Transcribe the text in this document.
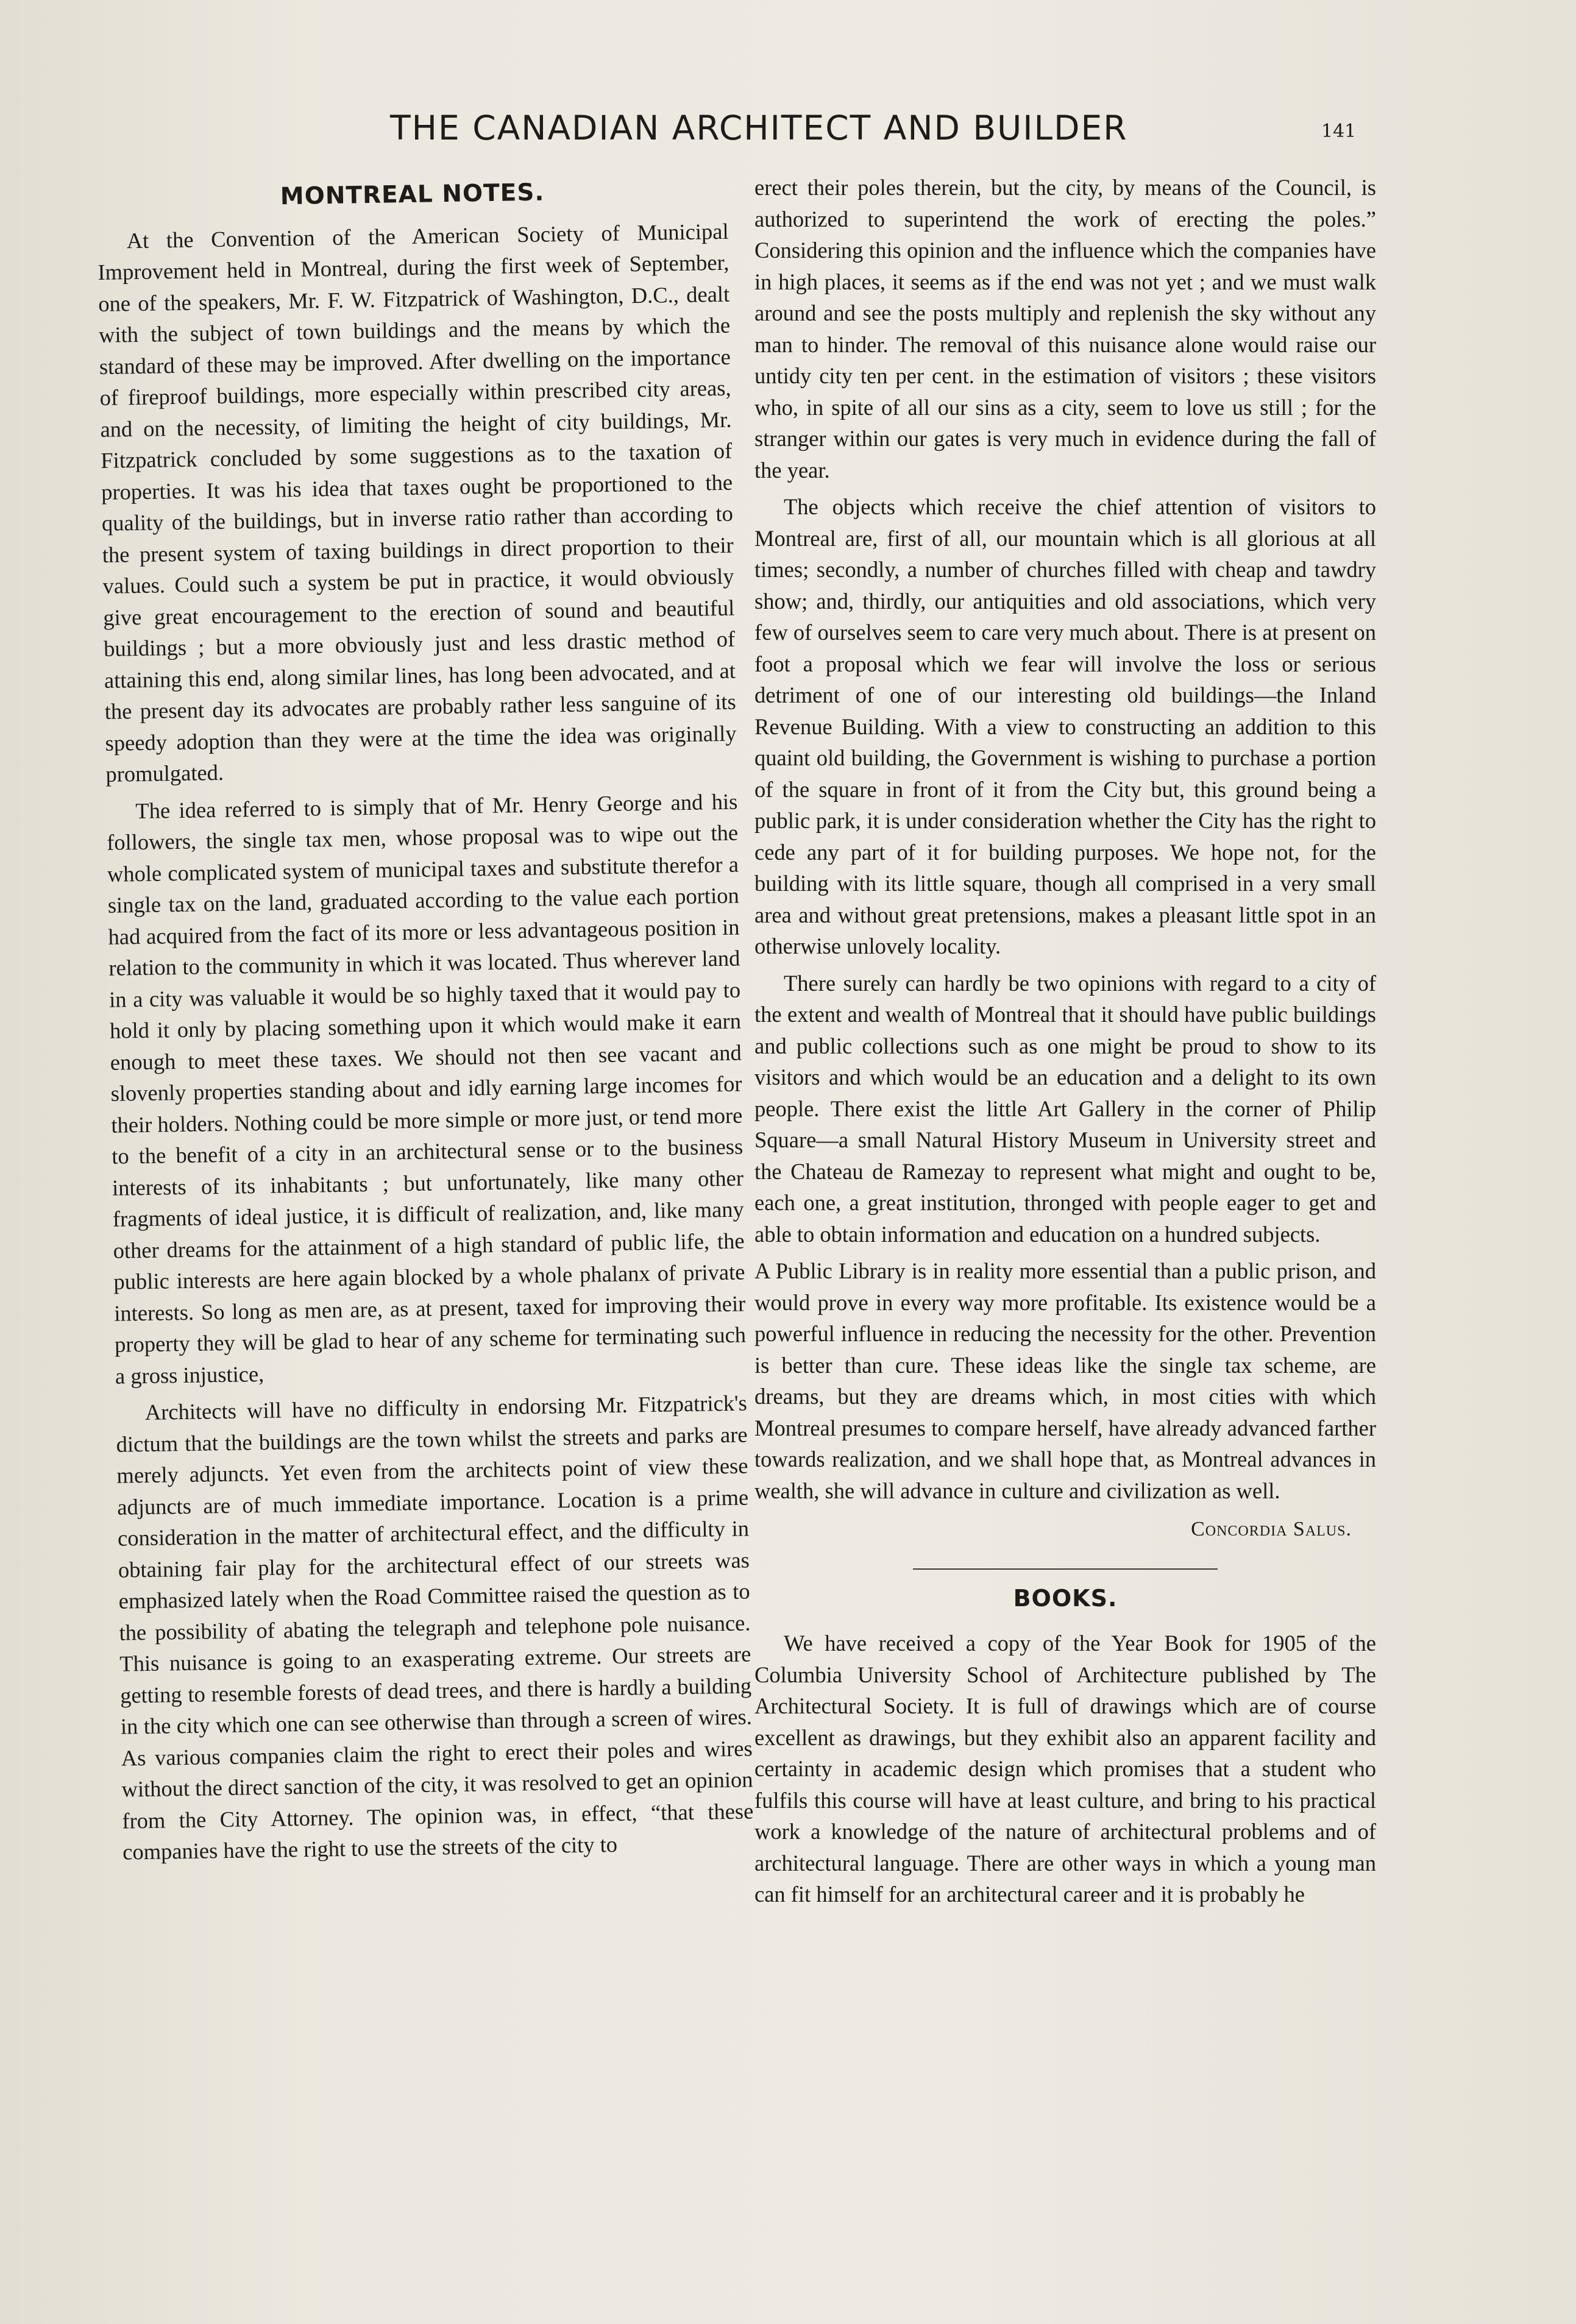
THE CANADIAN ARCHITECT AND BUILDER	141
MONTREAL NOTES.

At the Convention of the American Society of Municipal Improvement held in Montreal, during the first week of September, one of the speakers, Mr. F. W. Fitzpatrick of Washington, D.C., dealt with the subject of town buildings and the means by which the standard of these may be improved. After dwelling on the importance of fireproof buildings, more especially within prescribed city areas, and on the necessity, of limiting the height of city buildings, Mr. Fitzpatrick concluded by some suggestions as to the taxation of properties. It was his idea that taxes ought be proportioned to the quality of the buildings, but in inverse ratio rather than according to the present system of taxing buildings in direct proportion to their values. Could such a system be put in practice, it would obviously give great encouragement to the erection of sound and beautiful buildings ; but a more obviously just and less drastic method of attaining this end, along similar lines, has long been advocated, and at the present day its advocates are probably rather less sanguine of its speedy adoption than they were at the time the idea was originally promulgated.

The idea referred to is simply that of Mr. Henry George and his followers, the single tax men, whose proposal was to wipe out the whole complicated system of municipal taxes and substitute therefor a single tax on the land, graduated according to the value each portion had acquired from the fact of its more or less advantageous position in relation to the community in which it was located. Thus wherever land in a city was valuable it would be so highly taxed that it would pay to hold it only by placing something upon it which would make it earn enough to meet these taxes. We should not then see vacant and slovenly properties standing about and idly earning large incomes for their holders. Nothing could be more simple or more just, or tend more to the benefit of a city in an architectural sense or to the business interests of its inhabitants ; but unfortunately, like many other fragments of ideal justice, it is difficult of realization, and, like many other dreams for the attainment of a high standard of public life, the public interests are here again blocked by a whole phalanx of private interests. So long as men are, as at present, taxed for improving their property they will be glad to hear of any scheme for terminating such a gross injustice,

Architects will have no difficulty in endorsing Mr. Fitzpatrick's dictum that the buildings are the town whilst the streets and parks are merely adjuncts. Yet even from the architects point of view these adjuncts are of much immediate importance. Location is a prime consideration in the matter of architectural effect, and the difficulty in obtaining fair play for the architectural effect of our streets was emphasized lately when the Road Committee raised the question as to the possibility of abating the telegraph and telephone pole nuisance. This nuisance is going to an exasperating extreme. Our streets are getting to resemble forests of dead trees, and there is hardly a building in the city which one can see otherwise than through a screen of wires. As various companies claim the right to erect their poles and wires without the direct sanction of the city, it was resolved to get an opinion from the City Attorney. The opinion was, in effect, “that these companies have the right to use the streets of the city to

erect their poles therein, but the city, by means of the Council, is authorized to superintend the work of erecting the poles.” Considering this opinion and the influence which the companies have in high places, it seems as if the end was not yet ; and we must walk around and see the posts multiply and replenish the sky without any man to hinder. The removal of this nuisance alone would raise our untidy city ten per cent. in the estimation of visitors ; these visitors who, in spite of all our sins as a city, seem to love us still ; for the stranger within our gates is very much in evidence during the fall of the year.

The objects which receive the chief attention of visitors to Montreal are, first of all, our mountain which is all glorious at all times; secondly, a number of churches filled with cheap and tawdry show; and, thirdly, our antiquities and old associations, which very few of ourselves seem to care very much about. There is at present on foot a proposal which we fear will involve the loss or serious detriment of one of our interesting old buildings—the Inland Revenue Building. With a view to constructing an addition to this quaint old building, the Government is wishing to purchase a portion of the square in front of it from the City but, this ground being a public park, it is under consideration whether the City has the right to cede any part of it for building purposes. We hope not, for the building with its little square, though all comprised in a very small area and without great pretensions, makes a pleasant little spot in an otherwise unlovely locality.

There surely can hardly be two opinions with regard to a city of the extent and wealth of Montreal that it should have public buildings and public collections such as one might be proud to show to its visitors and which would be an education and a delight to its own people. There exist the little Art Gallery in the corner of Philip Square—a small Natural History Museum in University street and the Chateau de Ramezay to represent what might and ought to be, each one, a great institution, thronged with people eager to get and able to obtain information and education on a hundred subjects.

A Public Library is in reality more essential than a public prison, and would prove in every way more profitable. Its existence would be a powerful influence in reducing the necessity for the other. Prevention is better than cure. These ideas like the single tax scheme, are dreams, but they are dreams which, in most cities with which Montreal presumes to compare herself, have already advanced farther towards realization, and we shall hope that, as Montreal advances in wealth, she will advance in culture and civilization as well.

Concordia Salus.
BOOKS.

We have received a copy of the Year Book for 1905 of the Columbia University School of Architecture published by The Architectural Society. It is full of drawings which are of course excellent as drawings, but they exhibit also an apparent facility and certainty in academic design which promises that a student who fulfils this course will have at least culture, and bring to his practical work a knowledge of the nature of architectural problems and of architectural language. There are other ways in which a young man can fit himself for an architectural career and it is probably he
